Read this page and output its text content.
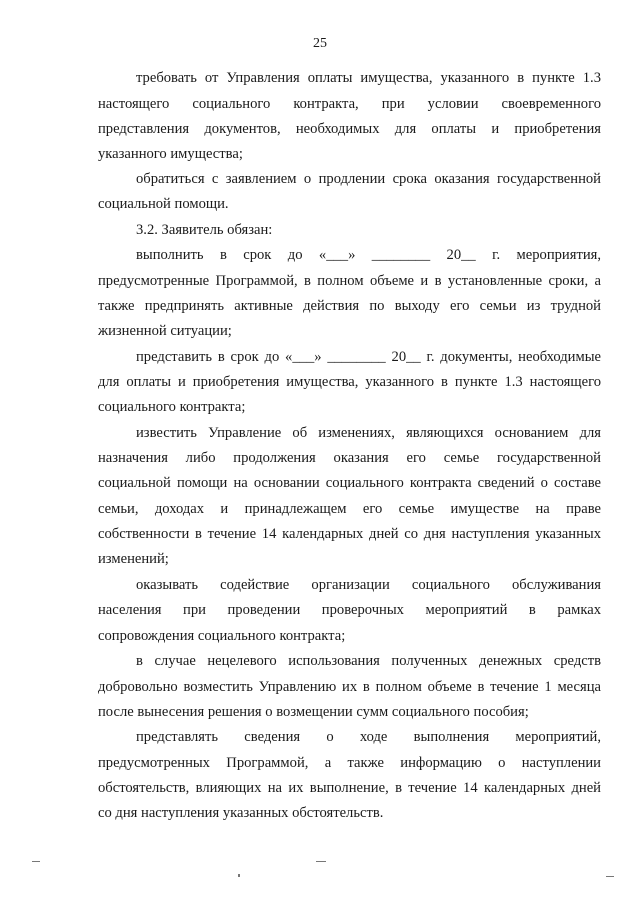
25
требовать от Управления оплаты имущества, указанного в пункте 1.3
настоящего социального контракта, при условии своевременного
представления документов, необходимых для оплаты и приобретения
указанного имущества;
обратиться с заявлением о продлении срока оказания государственной
социальной помощи.
3.2. Заявитель обязан:
выполнить в срок до «___» ________ 20__ г. мероприятия,
предусмотренные Программой, в полном объеме и в установленные сроки, а
также предпринять активные действия по выходу его семьи из трудной
жизненной ситуации;
представить в срок до «___» ________ 20__ г. документы, необходимые
для оплаты и приобретения имущества, указанного в пункте 1.3 настоящего
социального контракта;
известить Управление об изменениях, являющихся основанием для
назначения либо продолжения оказания его семье государственной
социальной помощи на основании социального контракта сведений о составе
семьи, доходах и принадлежащем его семье имуществе на праве
собственности в течение 14 календарных дней со дня наступления указанных
изменений;
оказывать содействие организации социального обслуживания
населения при проведении проверочных мероприятий в рамках
сопровождения социального контракта;
в случае нецелевого использования полученных денежных средств
добровольно возместить Управлению их в полном объеме в течение 1 месяца
после вынесения решения о возмещении сумм социального пособия;
представлять сведения о ходе выполнения мероприятий,
предусмотренных Программой, а также информацию о наступлении
обстоятельств, влияющих на их выполнение, в течение 14 календарных дней
со дня наступления указанных обстоятельств.
